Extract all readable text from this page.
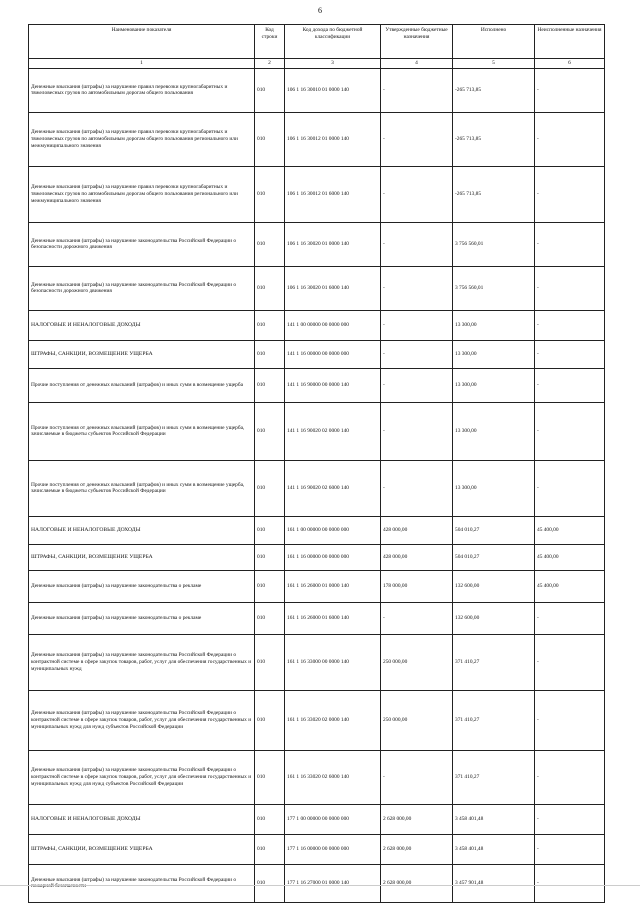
6
Наименование показателя	Код строки	Код дохода по бюджетной классификации	Утвержденные бюджетные назначения	Исполнено	Неисполненные назначения
1	2	3	4	5	6
Денежные взыскания (штрафы) за нарушение правил перевозки крупногабаритных и тяжеловесных грузов по автомобильным дорогам общего пользования	010	106 1 16 30010 01 0000 140	-	-265 713,85	-
Денежные взыскания (штрафы) за нарушение правил перевозки крупногабаритных и тяжеловесных грузов по автомобильным дорогам общего пользования регионального или межмуниципального значения	010	106 1 16 30012 01 0000 140	-	-265 713,85	-
Денежные взыскания (штрафы) за нарушение правил перевозки крупногабаритных и тяжеловесных грузов по автомобильным дорогам общего пользования регионального или межмуниципального значения	010	106 1 16 30012 01 6000 140	-	-265 713,85	-
Денежные взыскания (штрафы) за нарушение законодательства Российской Федерации о безопасности дорожного движения	010	106 1 16 30020 01 0000 140	-	3 756 560,01	-
Денежные взыскания (штрафы) за нарушение законодательства Российской Федерации о безопасности дорожного движения	010	106 1 16 30020 01 6000 140	-	3 756 560,01	-
НАЛОГОВЫЕ И НЕНАЛОГОВЫЕ ДОХОДЫ	010	141 1 00 00000 00 0000 000	-	13 300,00	-
ШТРАФЫ, САНКЦИИ, ВОЗМЕЩЕНИЕ УЩЕРБА	010	141 1 16 00000 00 0000 000	-	13 300,00	-
Прочие поступления от денежных взысканий (штрафов) и иных сумм в возмещение ущерба	010	141 1 16 90000 00 0000 140	-	13 300,00	-
Прочие поступления от денежных взысканий (штрафов) и иных сумм в возмещение ущерба, зачисляемые в бюджеты субъектов Российской Федерации	010	141 1 16 90020 02 0000 140	-	13 300,00	-
Прочие поступления от денежных взысканий (штрафов) и иных сумм в возмещение ущерба, зачисляемые в бюджеты субъектов Российской Федерации	010	141 1 16 90020 02 6000 140	-	13 300,00	-
НАЛОГОВЫЕ И НЕНАЛОГОВЫЕ ДОХОДЫ	010	161 1 00 00000 00 0000 000	428 000,00	504 010,27	45 400,00
ШТРАФЫ, САНКЦИИ, ВОЗМЕЩЕНИЕ УЩЕРБА	010	161 1 16 00000 00 0000 000	428 000,00	504 010,27	45 400,00
Денежные взыскания (штрафы) за нарушение законодательства о рекламе	010	161 1 16 26000 01 0000 140	178 000,00	132 600,00	45 400,00
Денежные взыскания (штрафы) за нарушение законодательства о рекламе	010	161 1 16 26000 01 6000 140	-	132 600,00	-
Денежные взыскания (штрафы) за нарушение законодательства Российской Федерации о контрактной системе в сфере закупок товаров, работ, услуг для обеспечения государственных и муниципальных нужд	010	161 1 16 33000 00 0000 140	250 000,00	371 410,27	-
Денежные взыскания (штрафы) за нарушение законодательства Российской Федерации о контрактной системе в сфере закупок товаров, работ, услуг для обеспечения государственных и муниципальных нужд для нужд субъектов Российской Федерации	010	161 1 16 33020 02 0000 140	250 000,00	371 410,27	-
Денежные взыскания (штрафы) за нарушение законодательства Российской Федерации о контрактной системе в сфере закупок товаров, работ, услуг для обеспечения государственных и муниципальных нужд для нужд субъектов Российской Федерации	010	161 1 16 33020 02 6000 140	-	371 410,27	-
НАЛОГОВЫЕ И НЕНАЛОГОВЫЕ ДОХОДЫ	010	177 1 00 00000 00 0000 000	2 628 000,00	3 458 401,48	-
ШТРАФЫ, САНКЦИИ, ВОЗМЕЩЕНИЕ УЩЕРБА	010	177 1 16 00000 00 0000 000	2 628 000,00	3 458 401,48	-
Денежные взыскания (штрафы) за нарушение законодательства Российской Федерации о пожарной безопасности	010	177 1 16 27000 01 0000 140	2 628 000,00	3 457 901,48	-
